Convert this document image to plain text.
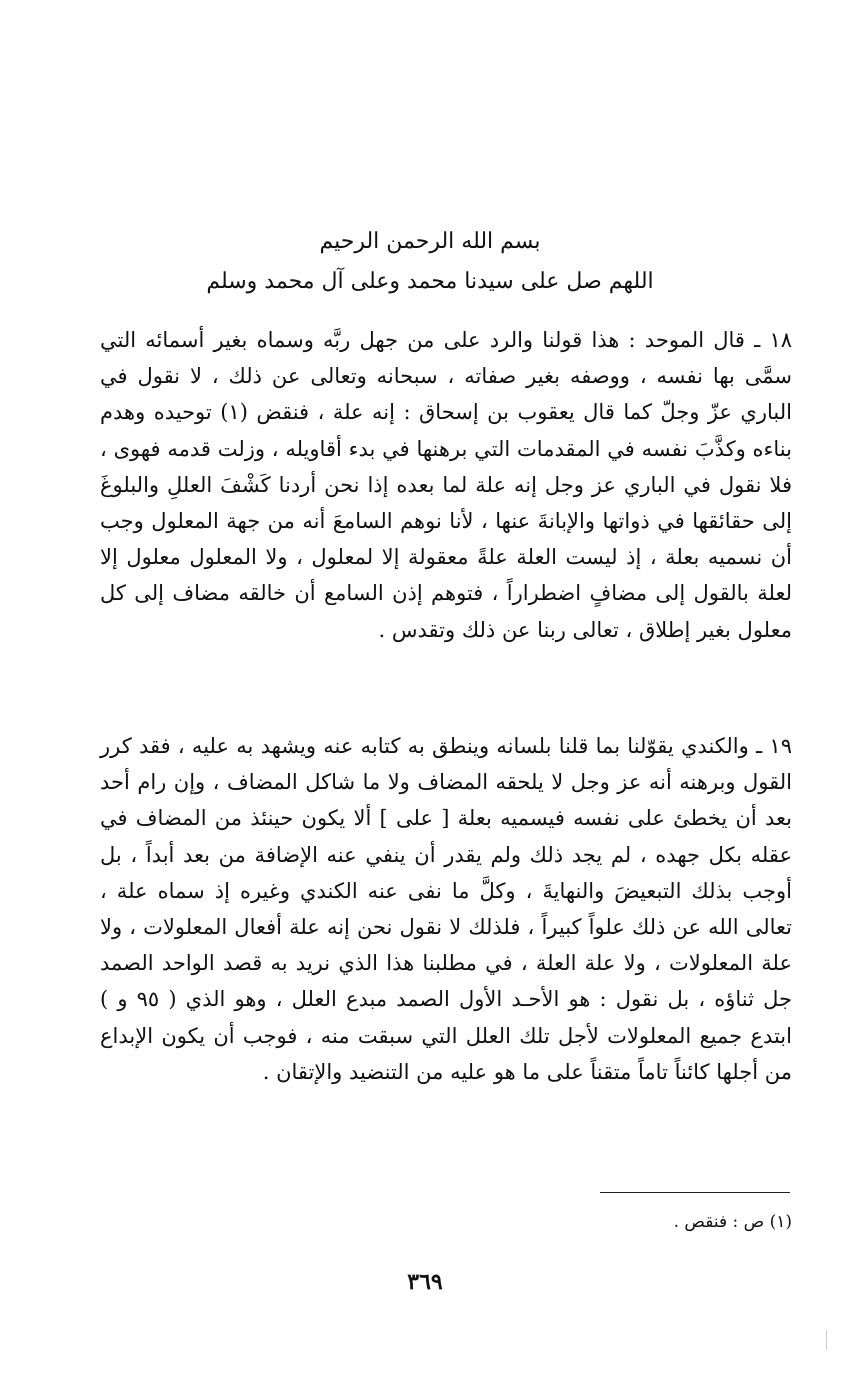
بسم الله الرحمن الرحيم
اللهم صل على سيدنا محمد وعلى آل محمد وسلم

١٨ ـ قال الموحد : هذا قولنا والرد على من جهل ربَّه وسماه بغير أسمائه التي سمَّى بها نفسه ، ووصفه بغير صفاته ، سبحانه وتعالى عن ذلك ، لا نقول في الباري عزّ وجلّ كما قال يعقوب بن إسحاق : إنه علة ، فنقض (١) توحيده وهدم بناءه وكذَّبَ نفسه في المقدمات التي برهنها في بدء أقاويله ، وزلت قدمه فهوى ، فلا نقول في الباري عز وجل إنه علة لما بعده إذا نحن أردنا كَشْفَ العللِ والبلوغَ إلى حقائقها في ذواتها والإبانةَ عنها ، لأنا نوهم السامعَ أنه من جهة المعلول وجب أن نسميه بعلة ، إذ ليست العلة علةً معقولة إلا لمعلول ، ولا المعلول معلول إلا لعلة بالقول إلى مضافٍ اضطراراً ، فتوهم إذن السامع أن خالقه مضاف إلى كل معلول بغير إطلاق ، تعالى ربنا عن ذلك وتقدس .

١٩ ـ والكندي يقوّلنا بما قلنا بلسانه وينطق به كتابه عنه ويشهد به عليه ، فقد كرر القول وبرهنه أنه عز وجل لا يلحقه المضاف ولا ما شاكل المضاف ، وإن رام أحد بعد أن يخطئ على نفسه فيسميه بعلة [ على ] ألا يكون حينئذ من المضاف في عقله بكل جهده ، لم يجد ذلك ولم يقدر أن ينفي عنه الإضافة من بعد أبداً ، بل أوجب بذلك التبعيضَ والنهايةَ ، وكلَّ ما نفى عنه الكندي وغيره إذ سماه علة ، تعالى الله عن ذلك علواً كبيراً ، فلذلك لا نقول نحن إنه علة أفعال المعلولات ، ولا علة المعلولات ، ولا علة العلة ، في مطلبنا هذا الذي نريد به قصد الواحد الصمد جل ثناؤه ، بل نقول : هو الأحـد الأول الصمد مبدع العلل ، وهو الذي ( ٩٥ و ) ابتدع جميع المعلولات لأجل تلك العلل التي سبقت منه ، فوجب أن يكون الإبداع من أجلها كائناً تاماً متقناً على ما هو عليه من التنضيد والإتقان .

(١) ص : فنقص .
٣٦٩
